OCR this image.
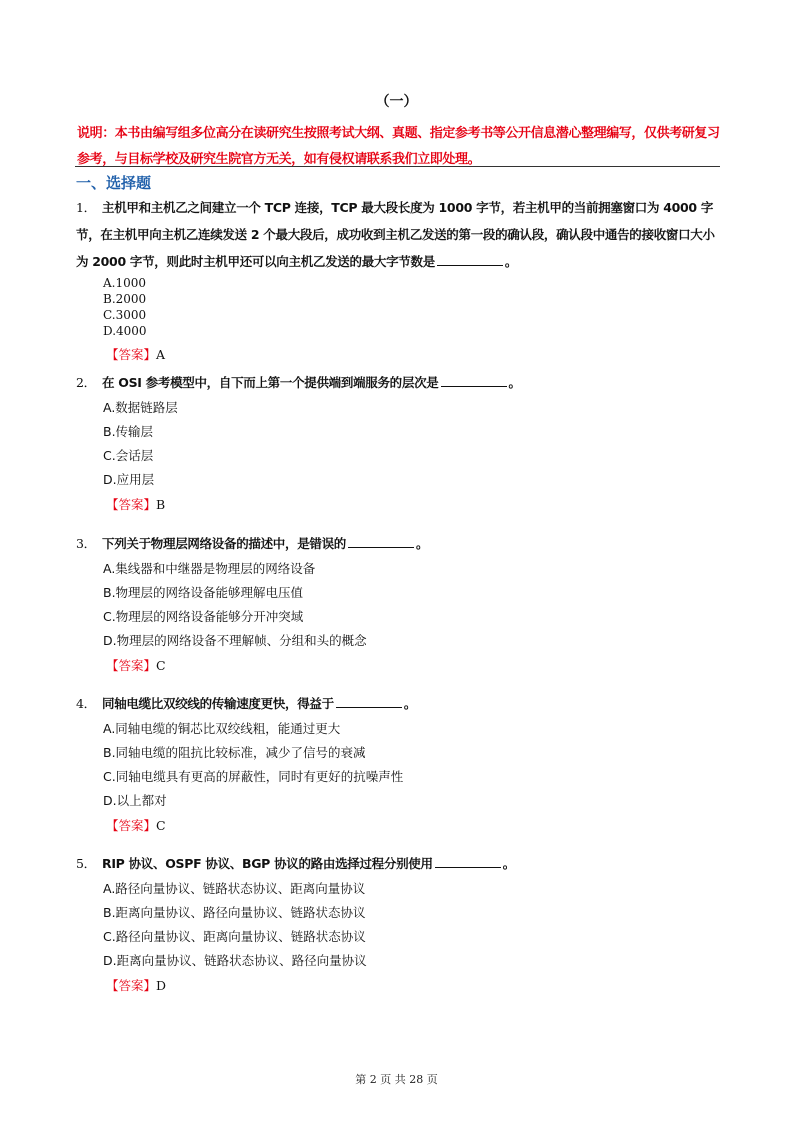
（一）
说明：本书由编写组多位高分在读研究生按照考试大纲、真题、指定参考书等公开信息潜心整理编写，仅供考研复习参考，与目标学校及研究生院官方无关，如有侵权请联系我们立即处理。
一、选择题
1． 主机甲和主机乙之间建立一个 TCP 连接，TCP 最大段长度为 1000 字节，若主机甲的当前拥塞窗口为 4000 字节，在主机甲向主机乙连续发送 2 个最大段后，成功收到主机乙发送的第一段的确认段，确认段中通告的接收窗口大小为 2000 字节，则此时主机甲还可以向主机乙发送的最大字节数是	。
A.1000
B.2000
C.3000
D.4000
【答案】A
2． 在 OSI 参考模型中，自下而上第一个提供端到端服务的层次是	。
A.数据链路层
B.传输层
C.会话层
D.应用层
【答案】B
3． 下列关于物理层网络设备的描述中，是错误的	。
A.集线器和中继器是物理层的网络设备
B.物理层的网络设备能够理解电压值
C.物理层的网络设备能够分开冲突域
D.物理层的网络设备不理解帧、分组和头的概念
【答案】C
4． 同轴电缆比双绞线的传输速度更快，得益于	。
A.同轴电缆的铜芯比双绞线粗，能通过更大
B.同轴电缆的阻抗比较标准，减少了信号的衰减
C.同轴电缆具有更高的屏蔽性，同时有更好的抗噪声性
D.以上都对
【答案】C
5． RIP 协议、OSPF 协议、BGP 协议的路由选择过程分别使用	。
A.路径向量协议、链路状态协议、距离向量协议
B.距离向量协议、路径向量协议、链路状态协议
C.路径向量协议、距离向量协议、链路状态协议
D.距离向量协议、链路状态协议、路径向量协议
【答案】D
第 2 页 共 28 页
